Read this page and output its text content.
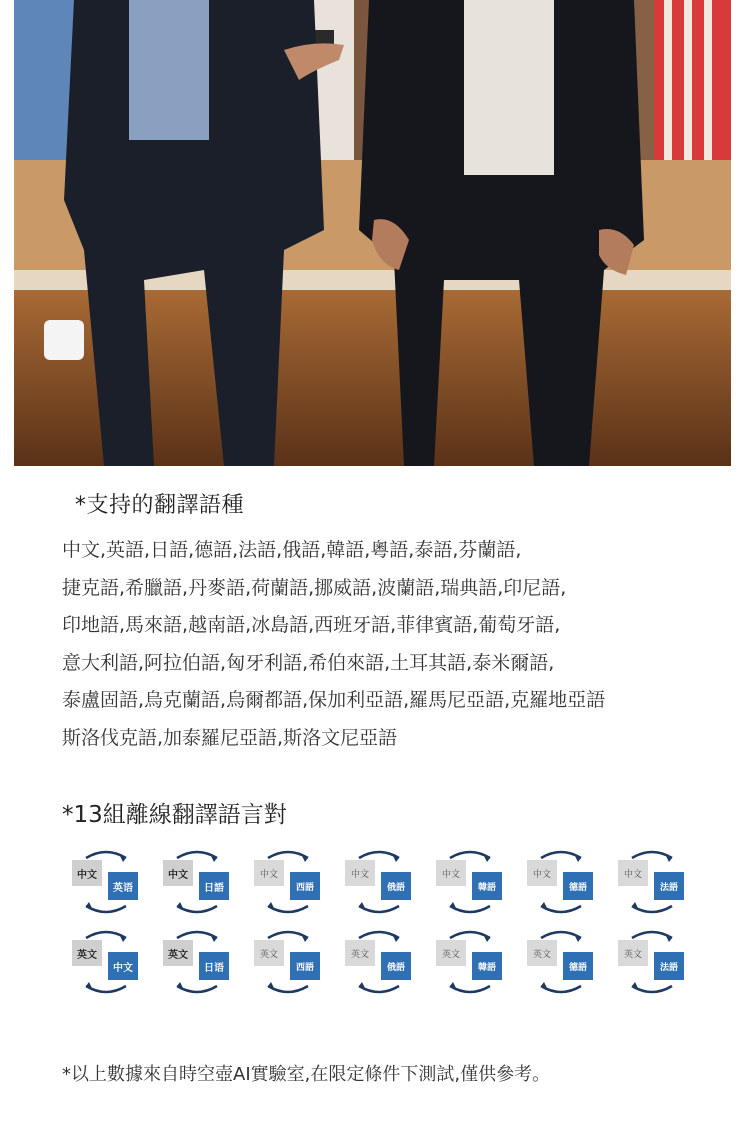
*支持的翻譯語種
中文,英語,日語,德語,法語,俄語,韓語,粵語,泰語,芬蘭語,
捷克語,希臘語,丹麥語,荷蘭語,挪威語,波蘭語,瑞典語,印尼語,
印地語,馬來語,越南語,冰島語,西班牙語,菲律賓語,葡萄牙語,
意大利語,阿拉伯語,匈牙利語,希伯來語,土耳其語,泰米爾語,
泰盧固語,烏克蘭語,烏爾都語,保加利亞語,羅馬尼亞語,克羅地亞語
斯洛伐克語,加泰羅尼亞語,斯洛文尼亞語
*13組離線翻譯語言對
中文
英语
中文
日語
中文
西語
中文
俄語
中文
韓語
中文
德語
中文
法語
英文
中文
英文
日语
英文
西語
英文
俄語
英文
韓語
英文
德語
英文
法語
*以上數據來自時空壺AI實驗室,在限定條件下測試,僅供參考。
